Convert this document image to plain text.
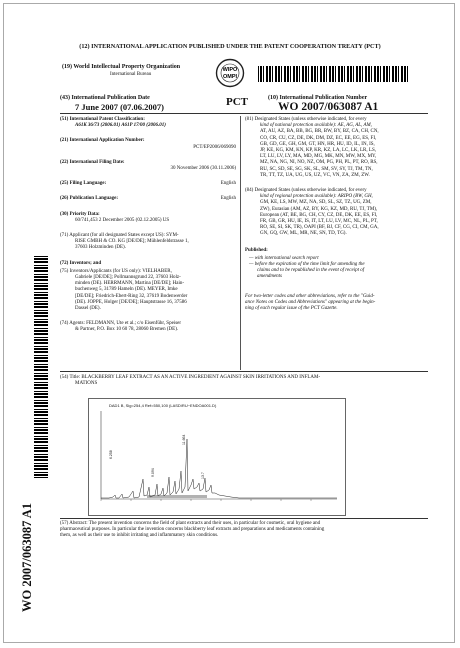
(12) INTERNATIONAL APPLICATION PUBLISHED UNDER THE PATENT COOPERATION TREATY (PCT)
(19) World Intellectual Property Organization
International Bureau
WIPO
OMPI
(43) International Publication Date
7 June 2007 (07.06.2007)	PCT	(10) International Publication Number
WO 2007/063087 A1
(51) International Patent Classification:
A61K 36/73 (2006.01) A61P 17/00 (2006.01)
(21) International Application Number:
PCT/EP2006/069090
(22) International Filing Date:
30 November 2006 (30.11.2006)
(25) Filing Language:	English
(26) Publication Language:	English
(30) Priority Data:
60/741,453 2 December 2005 (02.12.2005) US
(71) Applicant (for all designated States except US): SYM-
RISE GMBH & CO. KG [DE/DE]; Mühlenfeldstrasse 1,
37603 Holzminden (DE).
(72) Inventors; and
(75) Inventors/Applicants (for US only): VIELHABER,
Gabriele [DE/DE]; Pollmannsgrund 22, 37603 Holz-
minden (DE). HERRMANN, Martina [DE/DE]; Hain-
buchenweg 5, 31789 Hameln (DE). MEYER, Imke
[DE/DE]; Friedrich-Ebert-Ring 32, 37619 Bodenwerder
(DE). JOPPE, Holger [DE/DE]; Hauptstrasse 16, 37586
Dassel (DE).
(74) Agents: FELDMANN, Ute et al.; c/o Eisenführ, Speiser
& Partner, P.O. Box 10 60 78, 28060 Bremen (DE).
(81) Designated States (unless otherwise indicated, for every
kind of national protection available): AE, AG, AL, AM,
AT, AU, AZ, BA, BB, BG, BR, BW, BY, BZ, CA, CH, CN,
CO, CR, CU, CZ, DE, DK, DM, DZ, EC, EE, EG, ES, FI,
GB, GD, GE, GH, GM, GT, HN, HR, HU, ID, IL, IN, IS,
JP, KE, KG, KM, KN, KP, KR, KZ, LA, LC, LK, LR, LS,
LT, LU, LV, LY, MA, MD, MG, MK, MN, MW, MX, MY,
MZ, NA, NG, NI, NO, NZ, OM, PG, PH, PL, PT, RO, RS,
RU, SC, SD, SE, SG, SK, SL, SM, SV, SY, TJ, TM, TN,
TR, TT, TZ, UA, UG, US, UZ, VC, VN, ZA, ZM, ZW.
(84) Designated States (unless otherwise indicated, for every
kind of regional protection available): ARIPO (BW, GH,
GM, KE, LS, MW, MZ, NA, SD, SL, SZ, TZ, UG, ZM,
ZW), Eurasian (AM, AZ, BY, KG, KZ, MD, RU, TJ, TM),
European (AT, BE, BG, CH, CY, CZ, DE, DK, EE, ES, FI,
FR, GB, GR, HU, IE, IS, IT, LT, LU, LV, MC, NL, PL, PT,
RO, SE, SI, SK, TR), OAPI (BF, BJ, CF, CG, CI, CM, GA,
GN, GQ, GW, ML, MR, NE, SN, TD, TG).
Published:
— with international search report
— before the expiration of the time limit for amending the
claims and to be republished in the event of receipt of
amendments
For two-letter codes and other abbreviations, refer to the "Guid-
ance Notes on Codes and Abbreviations" appearing at the begin-
ning of each regular issue of the PCT Gazette.
(54) Title: BLACKBERRY LEAF EXTRACT AS AN ACTIVE INGREDIENT AGAINST SKIN IRRITATIONS AND INFLAM-
MATIONS
DAD1 B, Sig=254,4 Ref=550,100 (LASD\RU~ENDOA001.D)
6.258
9.094
11.664
13.7
(57) Abstract: The present invention concerns the field of plant extracts and their uses, in particular for cosmetic, oral hygiene and
pharmaceutical purposes. In particular the invention concerns blackberry leaf extracts and preparations and medicaments containing
them, as well as their use to inhibit irritating and inflammatory skin conditions.
WO 2007/063087 A1
